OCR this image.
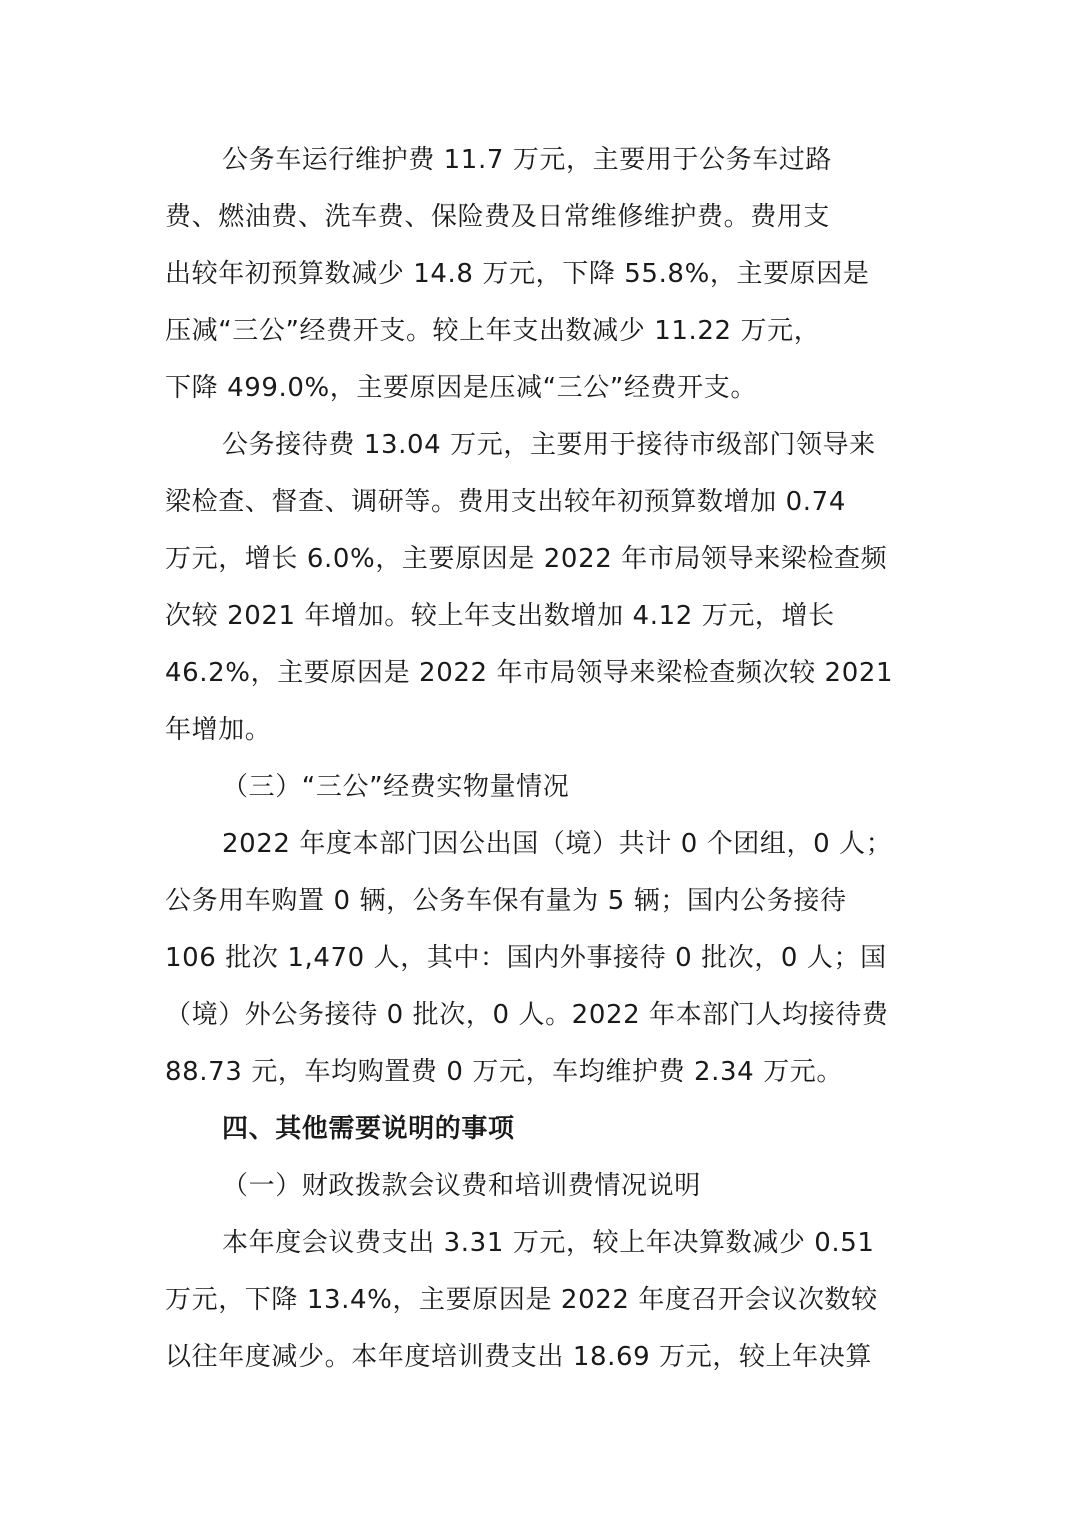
公务车运行维护费 11.7 万元，主要用于公务车过路
费、燃油费、洗车费、保险费及日常维修维护费。费用支
出较年初预算数减少 14.8 万元，下降 55.8%，主要原因是
压减“三公”经费开支。较上年支出数减少 11.22 万元，
下降 499.0%，主要原因是压减“三公”经费开支。
公务接待费 13.04 万元，主要用于接待市级部门领导来
梁检查、督查、调研等。费用支出较年初预算数增加 0.74
万元，增长 6.0%，主要原因是 2022 年市局领导来梁检查频
次较 2021 年增加。较上年支出数增加 4.12 万元，增长
46.2%，主要原因是 2022 年市局领导来梁检查频次较 2021
年增加。
（三）“三公”经费实物量情况
2022 年度本部门因公出国（境）共计 0 个团组，0 人；
公务用车购置 0 辆，公务车保有量为 5 辆；国内公务接待
106 批次 1,470 人，其中：国内外事接待 0 批次，0 人；国
（境）外公务接待 0 批次，0 人。2022 年本部门人均接待费
88.73 元，车均购置费 0 万元，车均维护费 2.34 万元。
四、其他需要说明的事项
（一）财政拨款会议费和培训费情况说明
本年度会议费支出 3.31 万元，较上年决算数减少 0.51
万元，下降 13.4%，主要原因是 2022 年度召开会议次数较
以往年度减少。本年度培训费支出 18.69 万元，较上年决算
